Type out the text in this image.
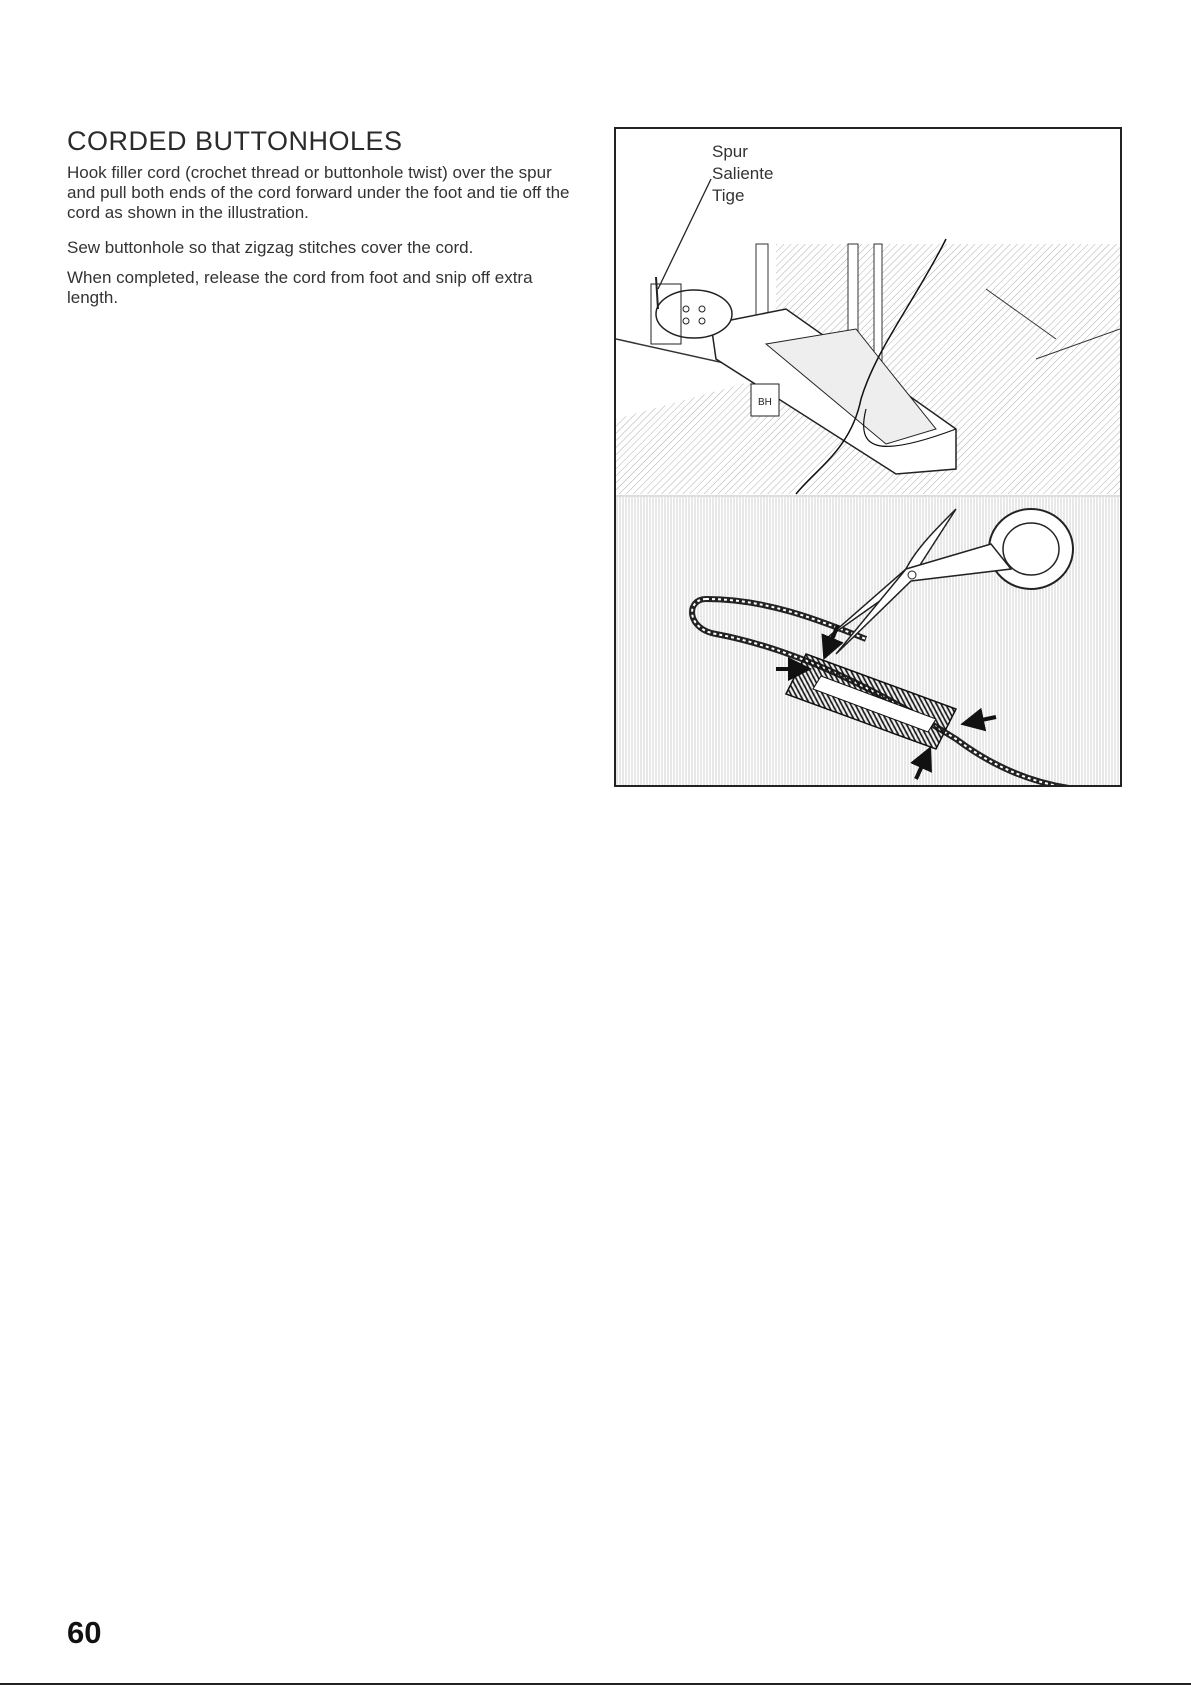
CORDED BUTTONHOLES
Hook filler cord (crochet thread or buttonhole twist) over the spur and pull both ends of the cord forward under the foot and tie off the cord as shown in the illustration.
Sew buttonhole so that zigzag stitches cover the cord.
When completed, release the cord from foot and snip off extra length.
BH
Spur
Saliente
Tige
60
